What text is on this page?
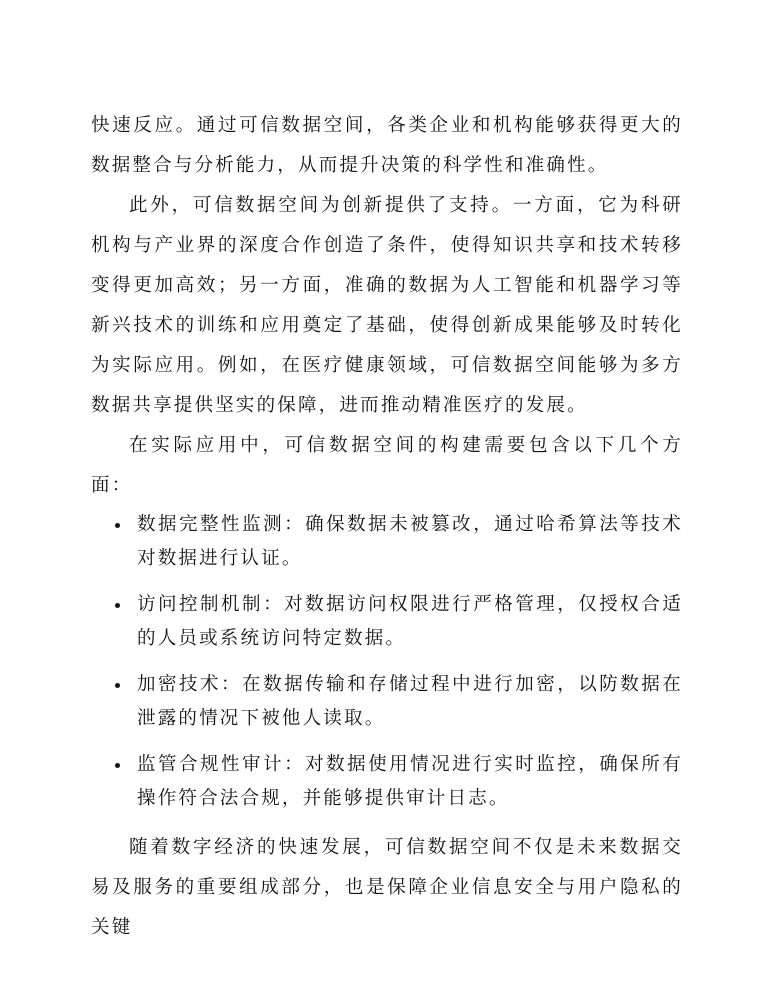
快速反应。通过可信数据空间，各类企业和机构能够获得更大的数据整合与分析能力，从而提升决策的科学性和准确性。

此外，可信数据空间为创新提供了支持。一方面，它为科研机构与产业界的深度合作创造了条件，使得知识共享和技术转移变得更加高效；另一方面，准确的数据为人工智能和机器学习等新兴技术的训练和应用奠定了基础，使得创新成果能够及时转化为实际应用。例如，在医疗健康领域，可信数据空间能够为多方数据共享提供坚实的保障，进而推动精准医疗的发展。

在实际应用中，可信数据空间的构建需要包含以下几个方面：

数据完整性监测：确保数据未被篡改，通过哈希算法等技术对数据进行认证。
访问控制机制：对数据访问权限进行严格管理，仅授权合适的人员或系统访问特定数据。
加密技术：在数据传输和存储过程中进行加密，以防数据在泄露的情况下被他人读取。
监管合规性审计：对数据使用情况进行实时监控，确保所有操作符合法合规，并能够提供审计日志。

随着数字经济的快速发展，可信数据空间不仅是未来数据交易及服务的重要组成部分，也是保障企业信息安全与用户隐私的关键
